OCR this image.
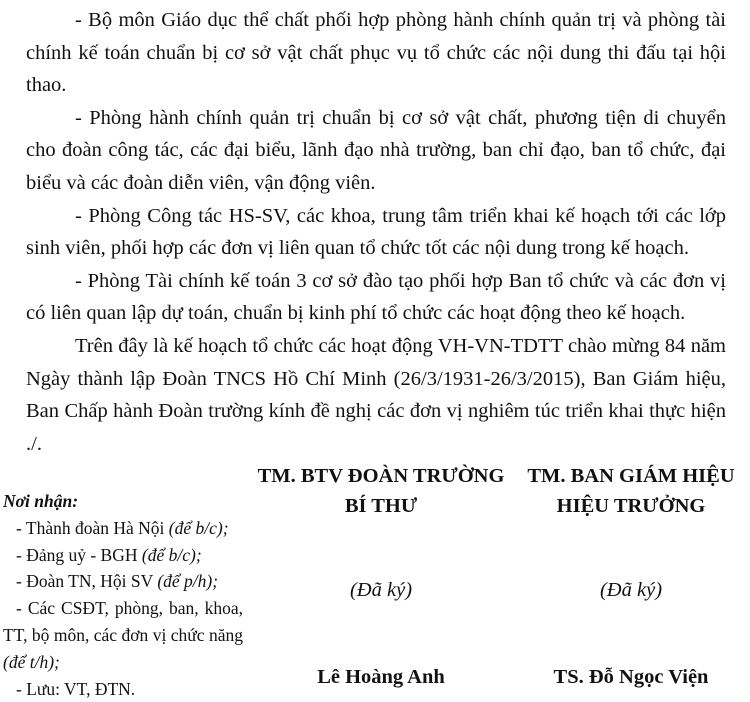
- Bộ môn Giáo dục thể chất phối hợp phòng hành chính quản trị và phòng tài chính kế toán chuẩn bị cơ sở vật chất phục vụ tổ chức các nội dung thi đấu tại hội thao.

- Phòng hành chính quản trị chuẩn bị cơ sở vật chất, phương tiện di chuyển cho đoàn công tác, các đại biểu, lãnh đạo nhà trường, ban chỉ đạo, ban tổ chức, đại biểu và các đoàn diễn viên, vận động viên.

- Phòng Công tác HS-SV, các khoa, trung tâm triển khai kế hoạch tới các lớp sinh viên, phối hợp các đơn vị liên quan tổ chức tốt các nội dung trong kế hoạch.

- Phòng Tài chính kế toán 3 cơ sở đào tạo phối hợp Ban tổ chức và các đơn vị có liên quan lập dự toán, chuẩn bị kinh phí tổ chức các hoạt động theo kế hoạch.

Trên đây là kế hoạch tổ chức các hoạt động VH-VN-TDTT chào mừng 84 năm Ngày thành lập Đoàn TNCS Hồ Chí Minh (26/3/1931-26/3/2015), Ban Giám hiệu, Ban Chấp hành Đoàn trường kính đề nghị các đơn vị nghiêm túc triển khai thực hiện ./.

Nơi nhận:
- Thành đoàn Hà Nội (để b/c);
- Đảng uỷ - BGH (để b/c);
- Đoàn TN, Hội SV (để p/h);
- Các CSĐT, phòng, ban, khoa, TT, bộ môn, các đơn vị chức năng (để t/h);
- Lưu: VT, ĐTN.
TM. BTV ĐOÀN TRƯỜNG
BÍ THƯ
TM. BAN GIÁM HIỆU
HIỆU TRƯỞNG
(Đã ký)	(Đã ký)
Lê Hoàng Anh	TS. Đỗ Ngọc Viện
